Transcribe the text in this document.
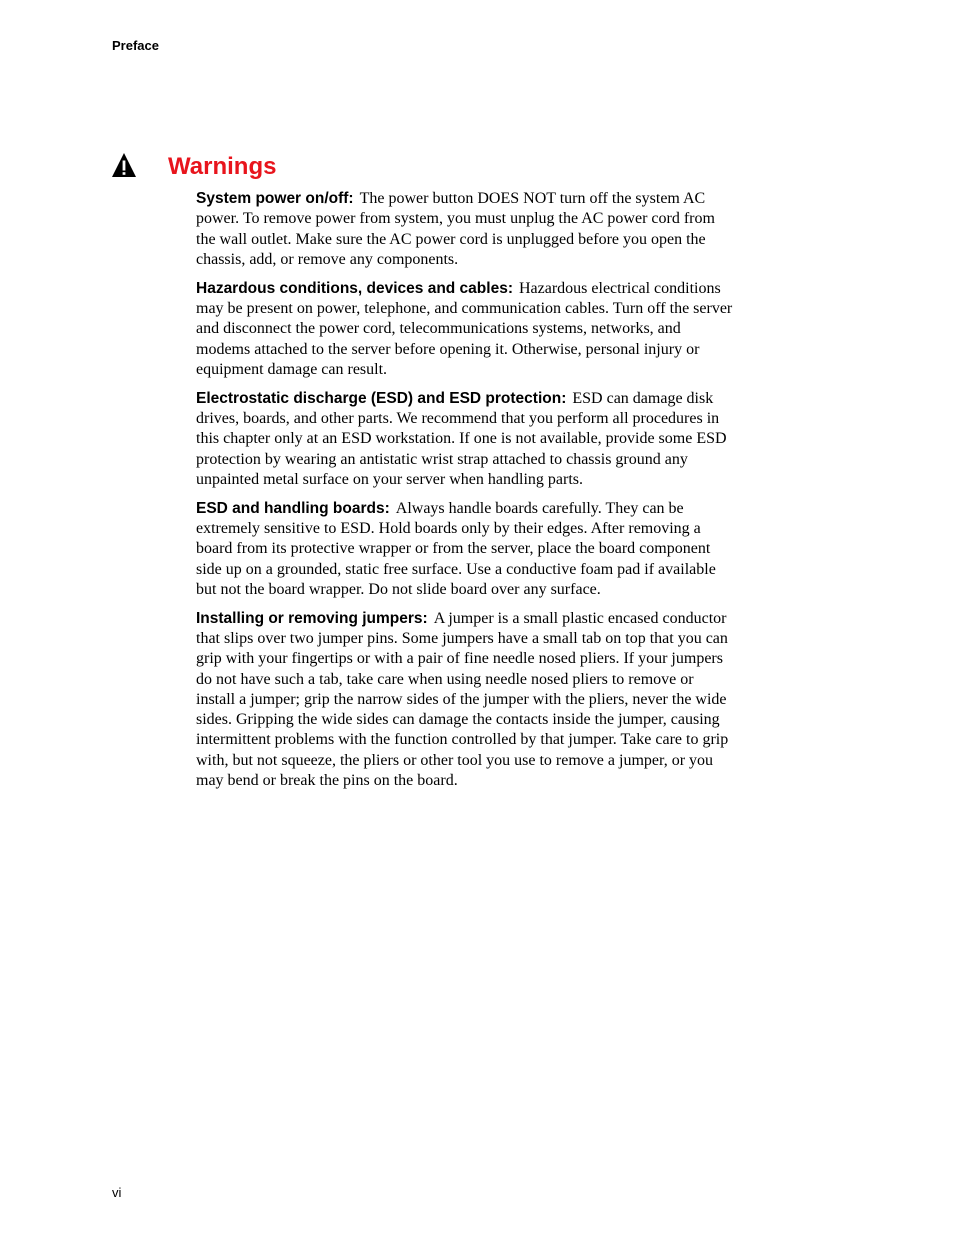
Preface
Warnings

System power on/off: The power button DOES NOT turn off the system AC power. To remove power from system, you must unplug the AC power cord from the wall outlet. Make sure the AC power cord is unplugged before you open the chassis, add, or remove any components.

Hazardous conditions, devices and cables: Hazardous electrical conditions may be present on power, telephone, and communication cables. Turn off the server and disconnect the power cord, telecommunications systems, networks, and modems attached to the server before opening it. Otherwise, personal injury or equipment damage can result.

Electrostatic discharge (ESD) and ESD protection: ESD can damage disk drives, boards, and other parts. We recommend that you perform all procedures in this chapter only at an ESD workstation. If one is not available, provide some ESD protection by wearing an antistatic wrist strap attached to chassis ground any unpainted metal surface on your server when handling parts.

ESD and handling boards: Always handle boards carefully. They can be extremely sensitive to ESD. Hold boards only by their edges. After removing a board from its protective wrapper or from the server, place the board component side up on a grounded, static free surface. Use a conductive foam pad if available but not the board wrapper. Do not slide board over any surface.

Installing or removing jumpers: A jumper is a small plastic encased conductor that slips over two jumper pins. Some jumpers have a small tab on top that you can grip with your fingertips or with a pair of fine needle nosed pliers. If your jumpers do not have such a tab, take care when using needle nosed pliers to remove or install a jumper; grip the narrow sides of the jumper with the pliers, never the wide sides. Gripping the wide sides can damage the contacts inside the jumper, causing intermittent problems with the function controlled by that jumper. Take care to grip with, but not squeeze, the pliers or other tool you use to remove a jumper, or you may bend or break the pins on the board.

vi
